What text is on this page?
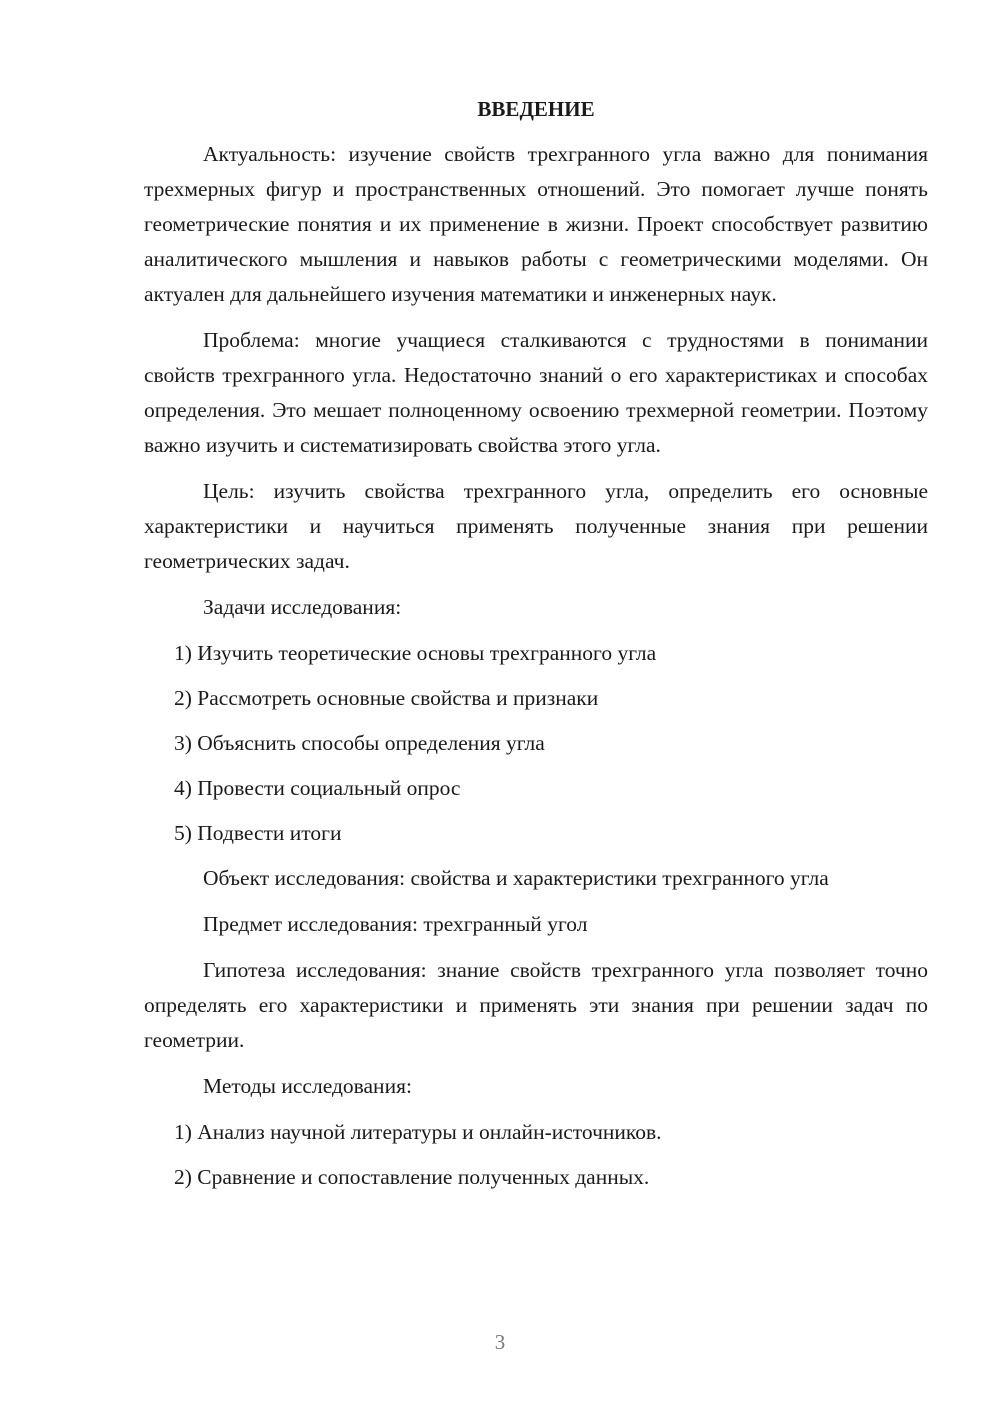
ВВЕДЕНИЕ

Актуальность: изучение свойств трехгранного угла важно для понимания трехмерных фигур и пространственных отношений. Это помогает лучше понять геометрические понятия и их применение в жизни. Проект способствует развитию аналитического мышления и навыков работы с геометрическими моделями. Он актуален для дальнейшего изучения математики и инженерных наук.

Проблема: многие учащиеся сталкиваются с трудностями в понимании свойств трехгранного угла. Недостаточно знаний о его характеристиках и способах определения. Это мешает полноценному освоению трехмерной геометрии. Поэтому важно изучить и систематизировать свойства этого угла.

Цель: изучить свойства трехгранного угла, определить его основные характеристики и научиться применять полученные знания при решении геометрических задач.

Задачи исследования:

1) Изучить теоретические основы трехгранного угла
2) Рассмотреть основные свойства и признаки
3) Объяснить способы определения угла
4) Провести социальный опрос
5) Подвести итоги

Объект исследования: свойства и характеристики трехгранного угла

Предмет исследования: трехгранный угол

Гипотеза исследования: знание свойств трехгранного угла позволяет точно определять его характеристики и применять эти знания при решении задач по геометрии.

Методы исследования:

1) Анализ научной литературы и онлайн-источников.
2) Сравнение и сопоставление полученных данных.
3
